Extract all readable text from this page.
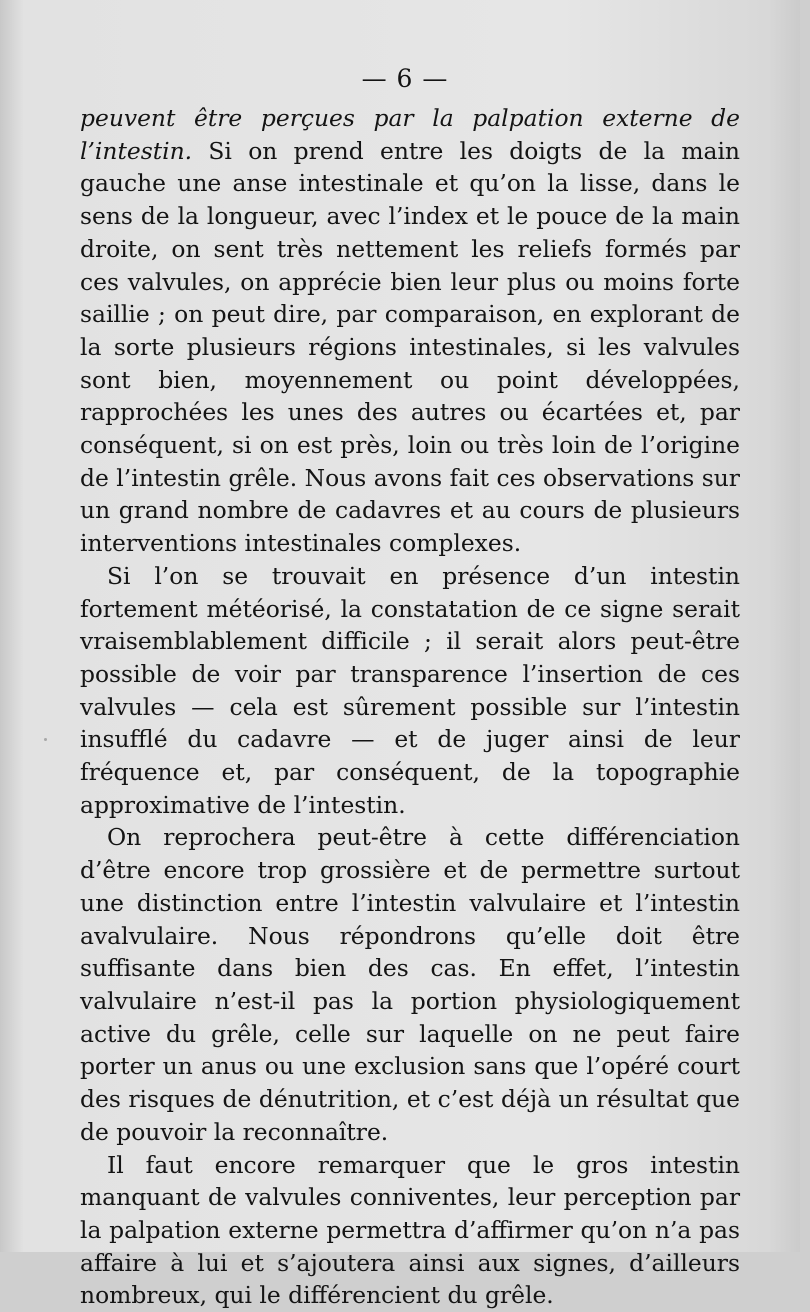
— 6 —

peuvent être perçues par la palpation externe de l’intestin. Si on prend entre les doigts de la main gauche une anse intestinale et qu’on la lisse, dans le sens de la longueur, avec l’index et le pouce de la main droite, on sent très nettement les reliefs formés par ces valvules, on apprécie bien leur plus ou moins forte saillie ; on peut dire, par comparaison, en explorant de la sorte plusieurs régions intestinales, si les valvules sont bien, moyennement ou point développées, rapprochées les unes des autres ou écartées et, par conséquent, si on est près, loin ou très loin de l’origine de l’intestin grêle. Nous avons fait ces observations sur un grand nombre de cadavres et au cours de plusieurs interventions intestinales complexes.

Si l’on se trouvait en présence d’un intestin fortement météorisé, la constatation de ce signe serait vraisemblablement difficile ; il serait alors peut-être possible de voir par transparence l’insertion de ces valvules — cela est sûrement possible sur l’intestin insufflé du cadavre — et de juger ainsi de leur fréquence et, par conséquent, de la topographie approximative de l’intestin.

On reprochera peut-être à cette différenciation d’être encore trop grossière et de permettre surtout une distinction entre l’intestin valvulaire et l’intestin avalvulaire. Nous répondrons qu’elle doit être suffisante dans bien des cas. En effet, l’intestin valvulaire n’est-il pas la portion physiologiquement active du grêle, celle sur laquelle on ne peut faire porter un anus ou une exclusion sans que l’opéré court des risques de dénutrition, et c’est déjà un résultat que de pouvoir la reconnaître.

Il faut encore remarquer que le gros intestin manquant de valvules conniventes, leur perception par la palpation externe permettra d’affirmer qu’on n’a pas affaire à lui et s’ajoutera ainsi aux signes, d’ailleurs nombreux, qui le différencient du grêle.
